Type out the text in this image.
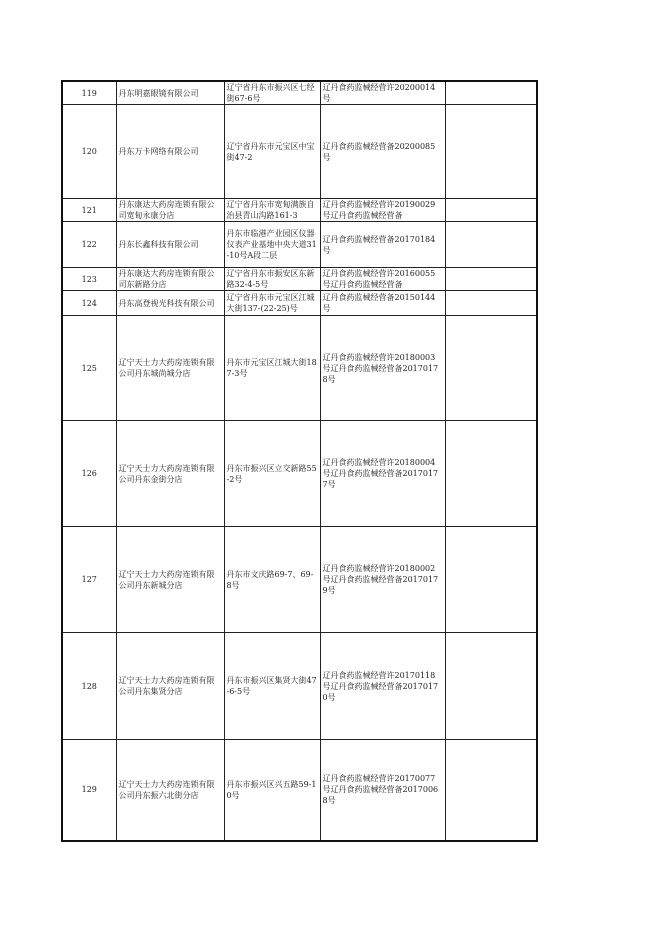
119	丹东明嘉眼镜有限公司	辽宁省丹东市振兴区七经街67-6号	辽丹食药监械经营许20200014号	
120	丹东万卡网络有限公司	辽宁省丹东市元宝区中宝街47-2	辽丹食药监械经营备20200085号	
121	丹东康达大药房连锁有限公司宽甸永康分店	辽宁省丹东市宽甸满族自治县青山沟路161-3	辽丹食药监械经营许20190029号辽丹食药监械经营备	
122	丹东长鑫科技有限公司	丹东市临港产业园区仪器仪表产业基地中央大道31-10号A段二层	辽丹食药监械经营备20170184号	
123	丹东康达大药房连锁有限公司东新路分店	辽宁省丹东市振安区东新路32-4-5号	辽丹食药监械经营许20160055号辽丹食药监械经营备	
124	丹东高登视光科技有限公司	辽宁省丹东市元宝区江城大街137-(22-25)号	辽丹食药监械经营备20150144号	
125	辽宁天士力大药房连锁有限公司丹东城尚城分店	丹东市元宝区江城大街187-3号	辽丹食药监械经营许20180003号辽丹食药监械经营备20170178号	
126	辽宁天士力大药房连锁有限公司丹东金街分店	丹东市振兴区立交新路55-2号	辽丹食药监械经营许20180004号辽丹食药监械经营备20170177号	
127	辽宁天士力大药房连锁有限公司丹东新城分店	丹东市文庆路69-7、69-8号	辽丹食药监械经营许20180002号辽丹食药监械经营备20170179号	
128	辽宁天士力大药房连锁有限公司丹东集贤分店	丹东市振兴区集贤大街47-6-5号	辽丹食药监械经营许20170118号辽丹食药监械经营备20170170号	
129	辽宁天士力大药房连锁有限公司丹东振六北街分店	丹东市振兴区兴五路59-10号	辽丹食药监械经营许20170077号辽丹食药监械经营备20170068号	
